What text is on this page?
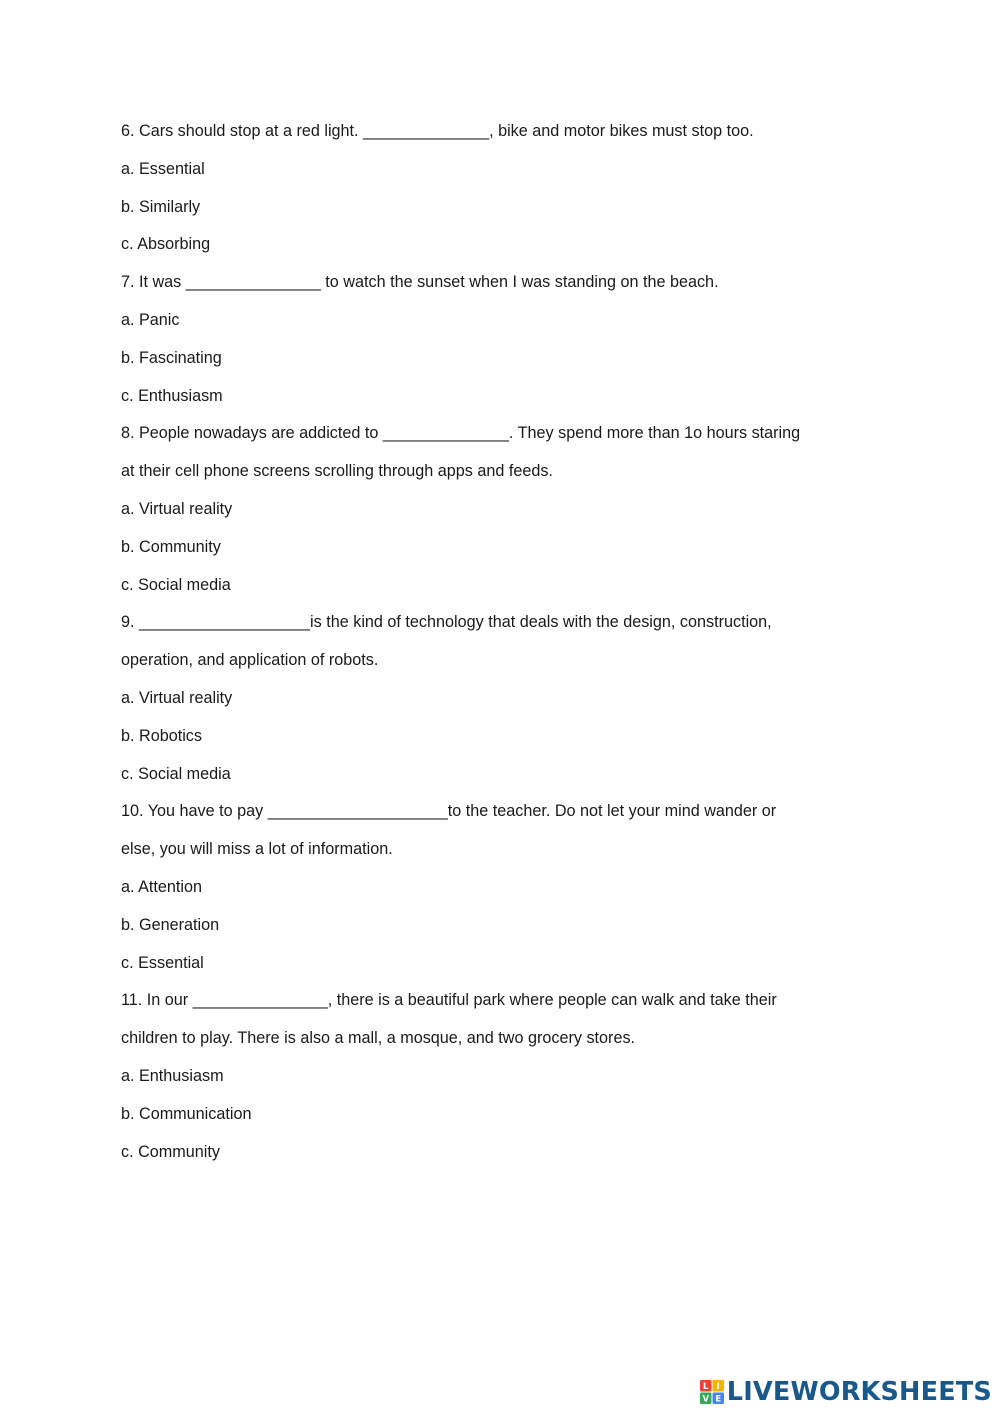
6. Cars should stop at a red light. ______________, bike and motor bikes must stop too.
a. Essential
b. Similarly
c. Absorbing
7. It was _______________ to watch the sunset when I was standing on the beach.
a. Panic
b. Fascinating
c. Enthusiasm
8. People nowadays are addicted to ______________. They spend more than 1o hours staring
at their cell phone screens scrolling through apps and feeds.
a. Virtual reality
b. Community
c. Social media
9. ___________________is the kind of technology that deals with the design, construction,
operation, and application of robots.
a. Virtual reality
b. Robotics
c. Social media
10. You have to pay ____________________to the teacher. Do not let your mind wander or
else, you will miss a lot of information.
a. Attention
b. Generation
c. Essential
11. In our _______________, there is a beautiful park where people can walk and take their
children to play. There is also a mall, a mosque, and two grocery stores.
a. Enthusiasm
b. Communication
c. Community
L I
V E LIVEWORKSHEETS
